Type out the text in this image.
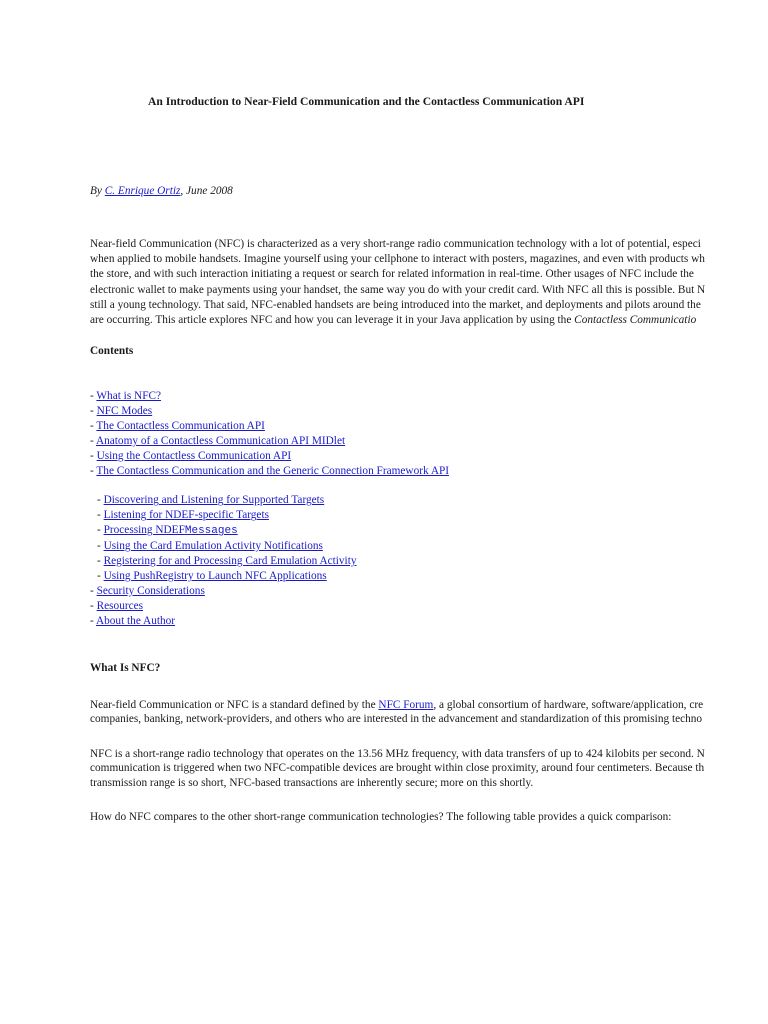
An Introduction to Near-Field Communication and the Contactless Communication API
By C. Enrique Ortiz, June 2008
Near-field Communication (NFC) is characterized as a very short-range radio communication technology with a lot of potential, especi
when applied to mobile handsets. Imagine yourself using your cellphone to interact with posters, magazines, and even with products wh
the store, and with such interaction initiating a request or search for related information in real-time. Other usages of NFC include the
electronic wallet to make payments using your handset, the same way you do with your credit card. With NFC all this is possible. But N
still a young technology. That said, NFC-enabled handsets are being introduced into the market, and deployments and pilots around the
are occurring. This article explores NFC and how you can leverage it in your Java application by using the Contactless Communicatio
Contents
- What is NFC?
- NFC Modes
- The Contactless Communication API
- Anatomy of a Contactless Communication API MIDlet
- Using the Contactless Communication API
- The Contactless Communication and the Generic Connection Framework API
- Discovering and Listening for Supported Targets
- Listening for NDEF-specific Targets
- Processing NDEFMessages
- Using the Card Emulation Activity Notifications
- Registering for and Processing Card Emulation Activity
- Using PushRegistry to Launch NFC Applications
- Security Considerations
- Resources
- About the Author
What Is NFC?
Near-field Communication or NFC is a standard defined by the NFC Forum, a global consortium of hardware, software/application, cre
companies, banking, network-providers, and others who are interested in the advancement and standardization of this promising techno
NFC is a short-range radio technology that operates on the 13.56 MHz frequency, with data transfers of up to 424 kilobits per second. N
communication is triggered when two NFC-compatible devices are brought within close proximity, around four centimeters. Because th
transmission range is so short, NFC-based transactions are inherently secure; more on this shortly.
How do NFC compares to the other short-range communication technologies? The following table provides a quick comparison:
